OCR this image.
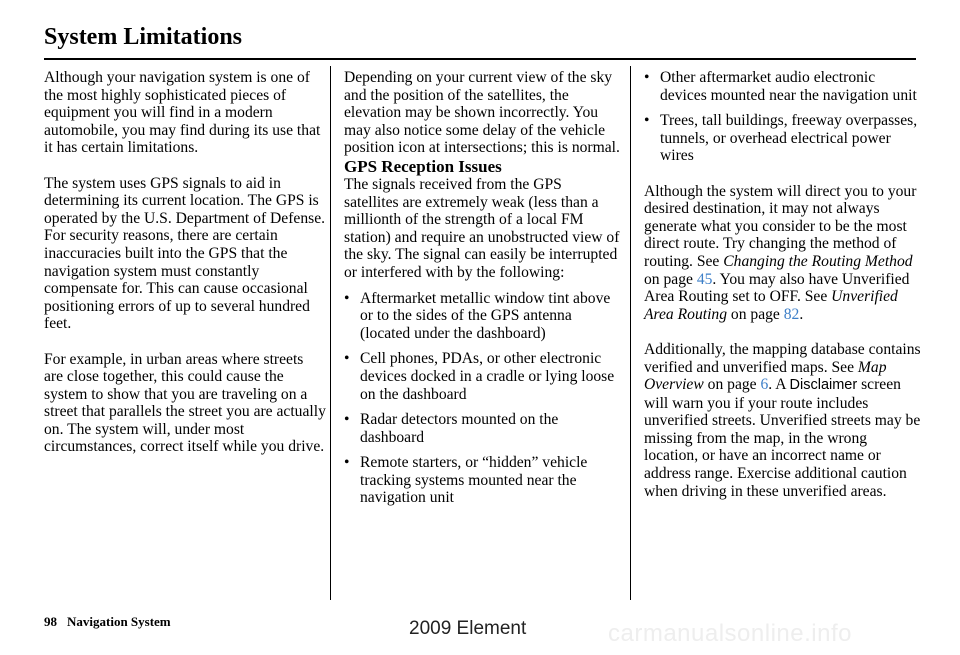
System Limitations

Although your navigation system is one of the most highly sophisticated pieces of equipment you will find in a modern automobile, you may find during its use that it has certain limitations.

The system uses GPS signals to aid in determining its current location. The GPS is operated by the U.S. Department of Defense. For security reasons, there are certain inaccuracies built into the GPS that the navigation system must constantly compensate for. This can cause occasional positioning errors of up to several hundred feet.

For example, in urban areas where streets are close together, this could cause the system to show that you are traveling on a street that parallels the street you are actually on. The system will, under most circumstances, correct itself while you drive.

Depending on your current view of the sky and the position of the satellites, the elevation may be shown incorrectly. You may also notice some delay of the vehicle position icon at intersections; this is normal.

GPS Reception Issues

The signals received from the GPS satellites are extremely weak (less than a millionth of the strength of a local FM station) and require an unobstructed view of the sky. The signal can easily be interrupted or interfered with by the following:

• Aftermarket metallic window tint above or to the sides of the GPS antenna (located under the dashboard)
• Cell phones, PDAs, or other electronic devices docked in a cradle or lying loose on the dashboard
• Radar detectors mounted on the dashboard
• Remote starters, or “hidden” vehicle tracking systems mounted near the navigation unit
• Other aftermarket audio electronic devices mounted near the navigation unit
• Trees, tall buildings, freeway overpasses, tunnels, or overhead electrical power wires

Although the system will direct you to your desired destination, it may not always generate what you consider to be the most direct route. Try changing the method of routing. See Changing the Routing Method on page 45. You may also have Unverified Area Routing set to OFF. See Unverified Area Routing on page 82.

Additionally, the mapping database contains verified and unverified maps. See Map Overview on page 6. A Disclaimer screen will warn you if your route includes unverified streets. Unverified streets may be missing from the map, in the wrong location, or have an incorrect name or address range. Exercise additional caution when driving in these unverified areas.

98 Navigation System	2009 Element	carmanualsonline.info
